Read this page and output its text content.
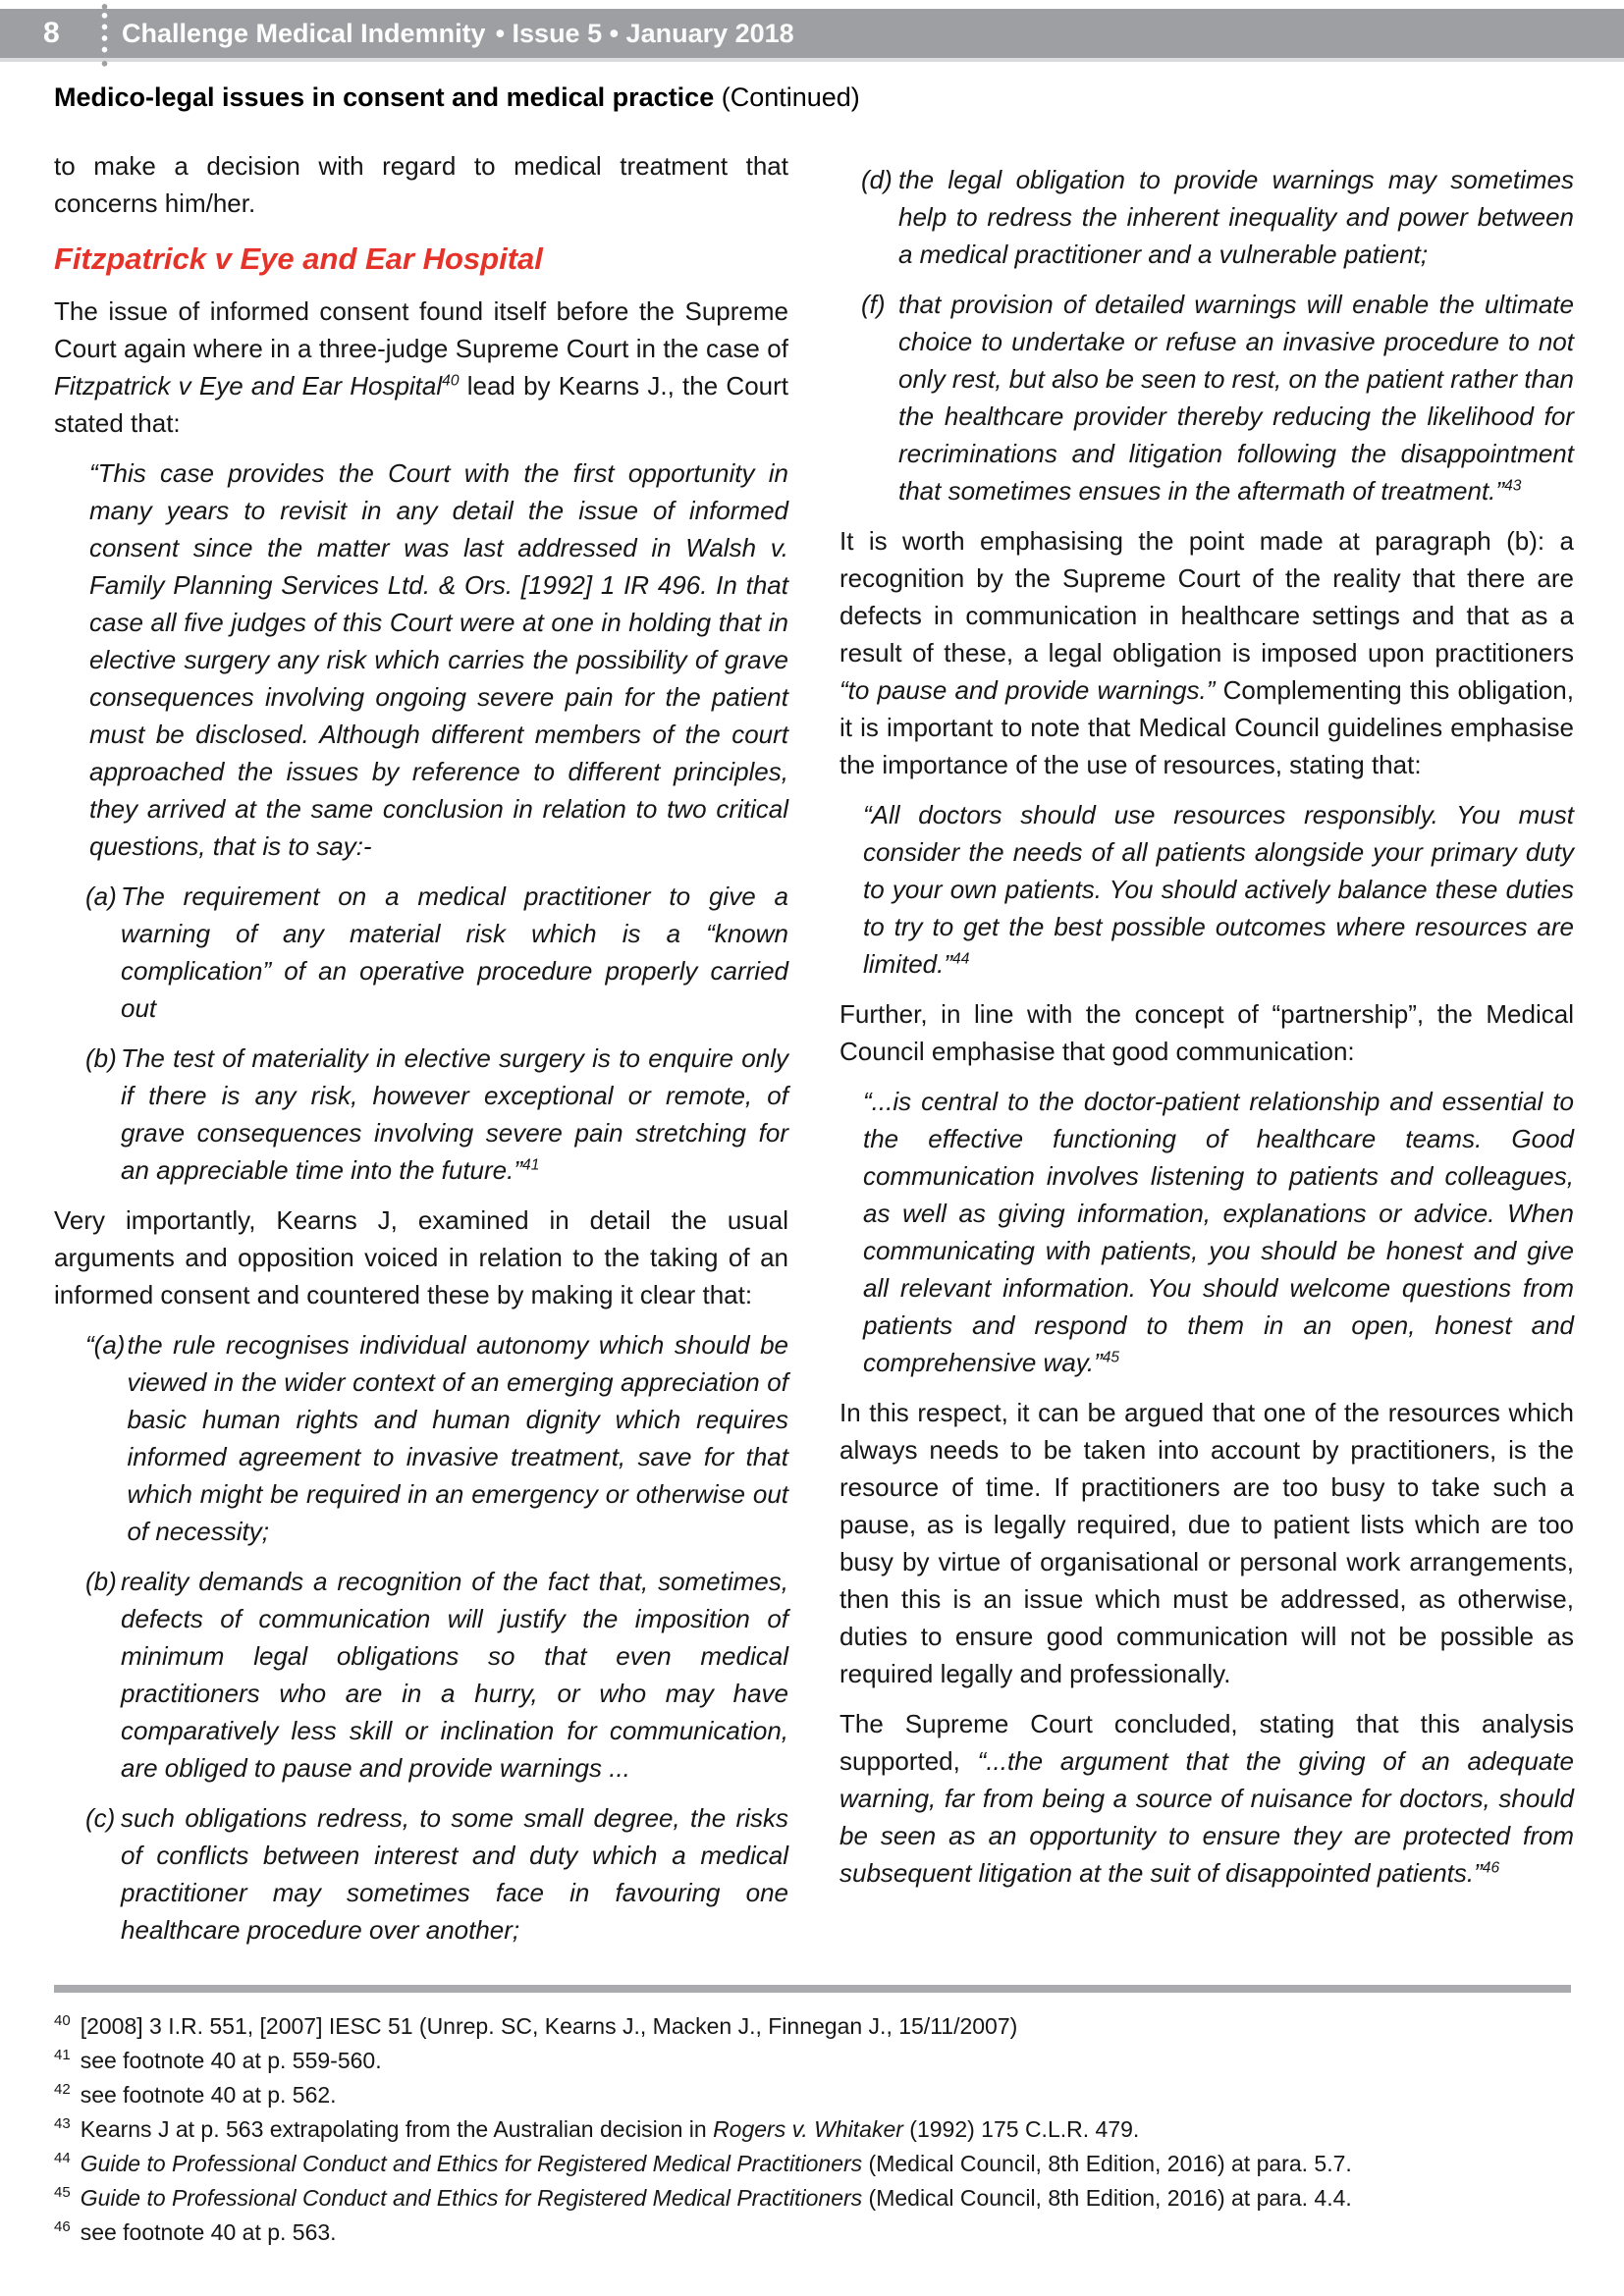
8 Challenge Medical Indemnity • Issue 5 • January 2018
Medico-legal issues in consent and medical practice (Continued)

to make a decision with regard to medical treatment that concerns him/her.

Fitzpatrick v Eye and Ear Hospital

The issue of informed consent found itself before the Supreme Court again where in a three-judge Supreme Court in the case of Fitzpatrick v Eye and Ear Hospital$^{40}$ lead by Kearns J., the Court stated that:

“This case provides the Court with the first opportunity in many years to revisit in any detail the issue of informed consent since the matter was last addressed in Walsh v. Family Planning Services Ltd. & Ors. [1992] 1 IR 496. In that case all five judges of this Court were at one in holding that in elective surgery any risk which carries the possibility of grave consequences involving ongoing severe pain for the patient must be disclosed. Although different members of the court approached the issues by reference to different principles, they arrived at the same conclusion in relation to two critical questions, that is to say:-
(a) The requirement on a medical practitioner to give a warning of any material risk which is a “known complication” of an operative procedure properly carried out
(b) The test of materiality in elective surgery is to enquire only if there is any risk, however exceptional or remote, of grave consequences involving severe pain stretching for an appreciable time into the future.”$^{41}$

Very importantly, Kearns J, examined in detail the usual arguments and opposition voiced in relation to the taking of an informed consent and countered these by making it clear that:

“(a) the rule recognises individual autonomy which should be viewed in the wider context of an emerging appreciation of basic human rights and human dignity which requires informed agreement to invasive treatment, save for that which might be required in an emergency or otherwise out of necessity;
(b) reality demands a recognition of the fact that, sometimes, defects of communication will justify the imposition of minimum legal obligations so that even medical practitioners who are in a hurry, or who may have comparatively less skill or inclination for communication, are obliged to pause and provide warnings ...
(c) such obligations redress, to some small degree, the risks of conflicts between interest and duty which a medical practitioner may sometimes face in favouring one healthcare procedure over another;
(d) the legal obligation to provide warnings may sometimes help to redress the inherent inequality and power between a medical practitioner and a vulnerable patient;
(f) that provision of detailed warnings will enable the ultimate choice to undertake or refuse an invasive procedure to not only rest, but also be seen to rest, on the patient rather than the healthcare provider thereby reducing the likelihood for recriminations and litigation following the disappointment that sometimes ensues in the aftermath of treatment.”$^{43}$

It is worth emphasising the point made at paragraph (b): a recognition by the Supreme Court of the reality that there are defects in communication in healthcare settings and that as a result of these, a legal obligation is imposed upon practitioners “to pause and provide warnings.” Complementing this obligation, it is important to note that Medical Council guidelines emphasise the importance of the use of resources, stating that:

“All doctors should use resources responsibly. You must consider the needs of all patients alongside your primary duty to your own patients. You should actively balance these duties to try to get the best possible outcomes where resources are limited.”$^{44}$

Further, in line with the concept of “partnership”, the Medical Council emphasise that good communication:

“...is central to the doctor-patient relationship and essential to the effective functioning of healthcare teams. Good communication involves listening to patients and colleagues, as well as giving information, explanations or advice. When communicating with patients, you should be honest and give all relevant information. You should welcome questions from patients and respond to them in an open, honest and comprehensive way.”$^{45}$

In this respect, it can be argued that one of the resources which always needs to be taken into account by practitioners, is the resource of time. If practitioners are too busy to take such a pause, as is legally required, due to patient lists which are too busy by virtue of organisational or personal work arrangements, then this is an issue which must be addressed, as otherwise, duties to ensure good communication will not be possible as required legally and professionally.

The Supreme Court concluded, stating that this analysis supported, “...the argument that the giving of an adequate warning, far from being a source of nuisance for doctors, should be seen as an opportunity to ensure they are protected from subsequent litigation at the suit of disappointed patients.”$^{46}$

$^{40}$ [2008] 3 I.R. 551, [2007] IESC 51 (Unrep. SC, Kearns J., Macken J., Finnegan J., 15/11/2007)
$^{41}$ see footnote 40 at p. 559-560.
$^{42}$ see footnote 40 at p. 562.
$^{43}$ Kearns J at p. 563 extrapolating from the Australian decision in Rogers v. Whitaker (1992) 175 C.L.R. 479.
$^{44}$ Guide to Professional Conduct and Ethics for Registered Medical Practitioners (Medical Council, 8th Edition, 2016) at para. 5.7.
$^{45}$ Guide to Professional Conduct and Ethics for Registered Medical Practitioners (Medical Council, 8th Edition, 2016) at para. 4.4.
$^{46}$ see footnote 40 at p. 563.
